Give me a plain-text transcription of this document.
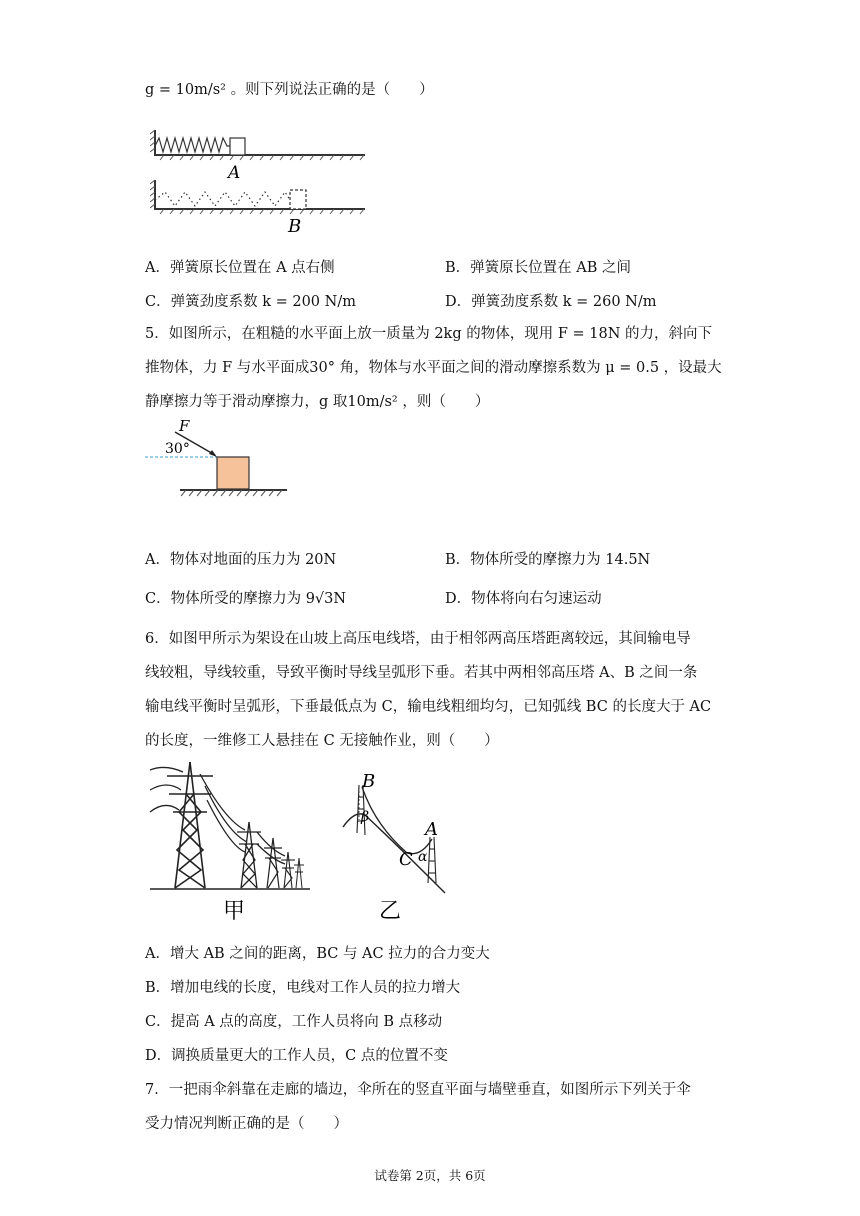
g = 10m/s² 。则下列说法正确的是（　　）
A
B
A．弹簧原长位置在 A 点右侧	B．弹簧原长位置在 AB 之间
C．弹簧劲度系数 k = 200 N/m	D．弹簧劲度系数 k = 260 N/m
5．如图所示，在粗糙的水平面上放一质量为 2kg 的物体，现用 F = 18N 的力，斜向下
推物体，力 F 与水平面成30° 角，物体与水平面之间的滑动摩擦系数为 μ = 0.5 ，设最大
静摩擦力等于滑动摩擦力，g 取10m/s² ，则（　　）
F
30°
A．物体对地面的压力为 20N	B．物体所受的摩擦力为 14.5N
C．物体所受的摩擦力为 9√3N	D．物体将向右匀速运动
6．如图甲所示为架设在山坡上高压电线塔，由于相邻两高压塔距离较远，其间输电导
线较粗，导线较重，导致平衡时导线呈弧形下垂。若其中两相邻高压塔 A、B 之间一条
输电线平衡时呈弧形，下垂最低点为 C，输电线粗细均匀，已知弧线 BC 的长度大于 AC
的长度，一维修工人悬挂在 C 无接触作业，则（　　）
甲
B
β
A
C α
乙
A．增大 AB 之间的距离，BC 与 AC 拉力的合力变大
B．增加电线的长度，电线对工作人员的拉力增大
C．提高 A 点的高度，工作人员将向 B 点移动
D．调换质量更大的工作人员，C 点的位置不变
7．一把雨伞斜靠在走廊的墙边，伞所在的竖直平面与墙壁垂直，如图所示下列关于伞
受力情况判断正确的是（　　）
试卷第 2页，共 6页
